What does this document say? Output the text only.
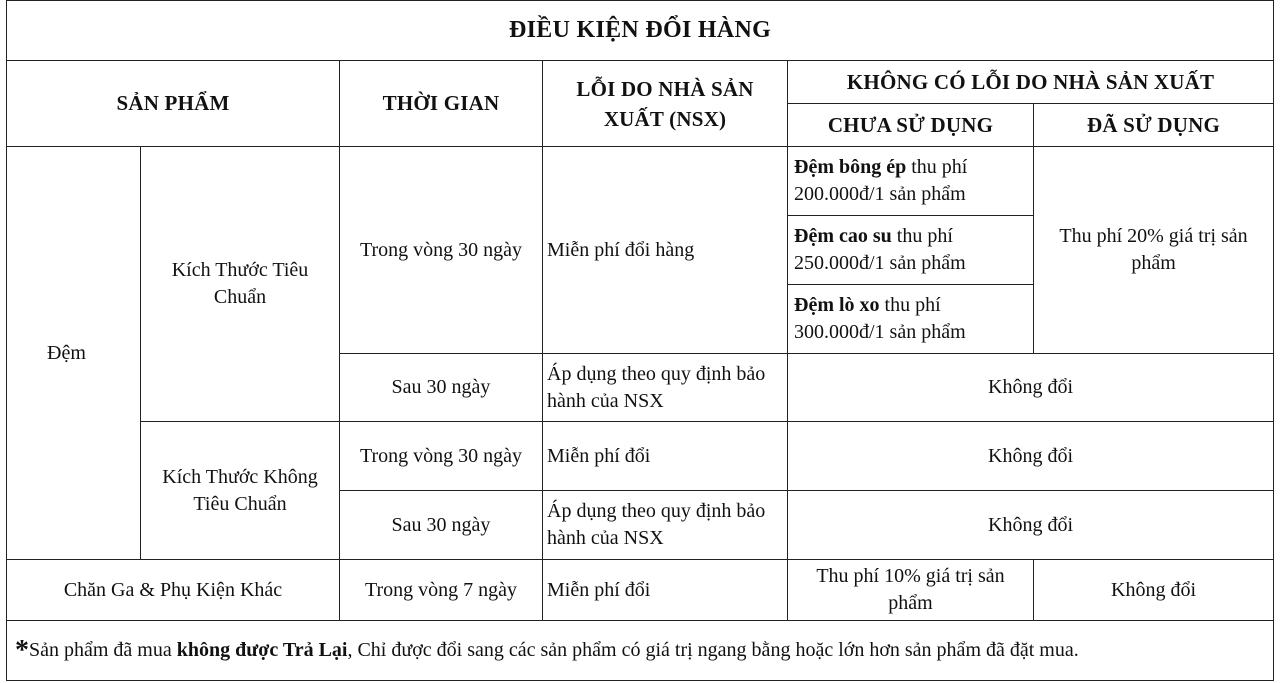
ĐIỀU KIỆN ĐỔI HÀNG					
SẢN PHẨM		THỜI GIAN	LỖI DO NHÀ SẢN XUẤT (NSX)	KHÔNG CÓ LỖI DO NHÀ SẢN XUẤT	
				CHƯA SỬ DỤNG	ĐÃ SỬ DỤNG
Đệm	Kích Thước Tiêu Chuẩn	Trong vòng 30 ngày	Miễn phí đổi hàng	Đệm bông ép thu phí 200.000đ/1 sản phẩm	Thu phí 20% giá trị sản phẩm
				Đệm cao su thu phí 250.000đ/1 sản phẩm	
				Đệm lò xo thu phí 300.000đ/1 sản phẩm	
		Sau 30 ngày	Áp dụng theo quy định bảo hành của NSX	Không đổi	
	Kích Thước Không Tiêu Chuẩn	Trong vòng 30 ngày	Miễn phí đổi	Không đổi	
		Sau 30 ngày	Áp dụng theo quy định bảo hành của NSX	Không đổi	
Chăn Ga & Phụ Kiện Khác		Trong vòng 7 ngày	Miễn phí đổi	Thu phí 10% giá trị sản phẩm	Không đổi
*Sản phẩm đã mua không được Trả Lại, Chỉ được đổi sang các sản phẩm có giá trị ngang bằng hoặc lớn hơn sản phẩm đã đặt mua.					
